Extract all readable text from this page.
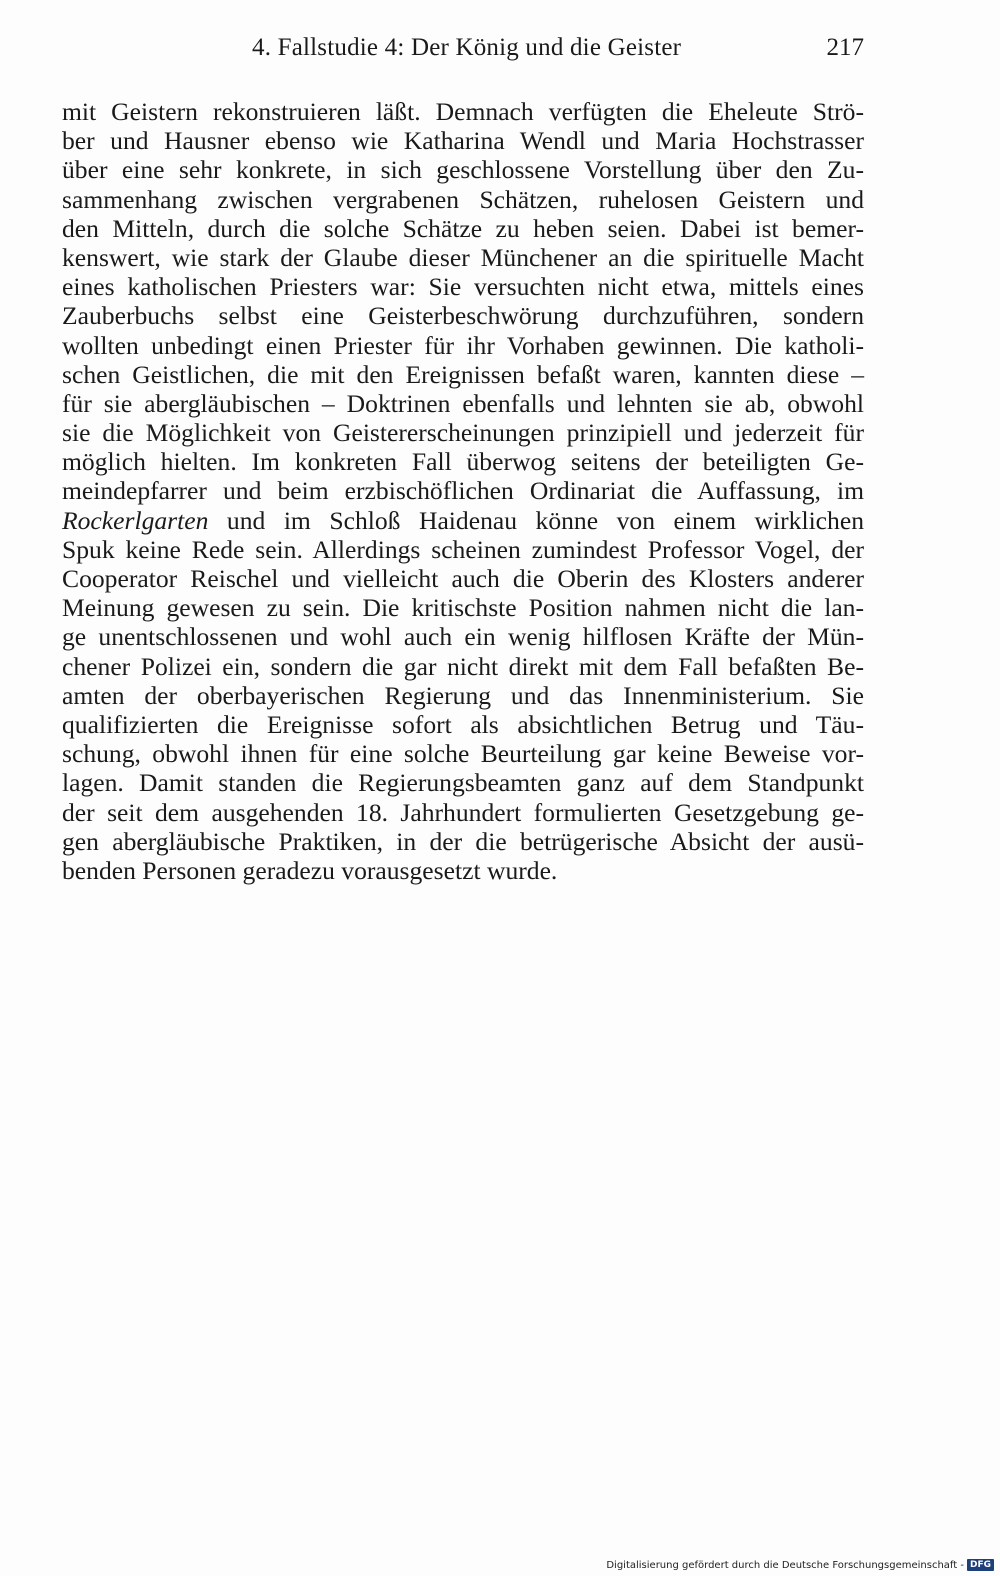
4. Fallstudie 4: Der König und die Geister	217
mit Geistern rekonstruieren läßt. Demnach verfügten die Eheleute Strö-
ber und Hausner ebenso wie Katharina Wendl und Maria Hochstrasser
über eine sehr konkrete, in sich geschlossene Vorstellung über den Zu-
sammenhang zwischen vergrabenen Schätzen, ruhelosen Geistern und
den Mitteln, durch die solche Schätze zu heben seien. Dabei ist bemer-
kenswert, wie stark der Glaube dieser Münchener an die spirituelle Macht
eines katholischen Priesters war: Sie versuchten nicht etwa, mittels eines
Zauberbuchs selbst eine Geisterbeschwörung durchzuführen, sondern
wollten unbedingt einen Priester für ihr Vorhaben gewinnen. Die katholi-
schen Geistlichen, die mit den Ereignissen befaßt waren, kannten diese –
für sie abergläubischen – Doktrinen ebenfalls und lehnten sie ab, obwohl
sie die Möglichkeit von Geistererscheinungen prinzipiell und jederzeit für
möglich hielten. Im konkreten Fall überwog seitens der beteiligten Ge-
meindepfarrer und beim erzbischöflichen Ordinariat die Auffassung, im
Rockerlgarten und im Schloß Haidenau könne von einem wirklichen
Spuk keine Rede sein. Allerdings scheinen zumindest Professor Vogel, der
Cooperator Reischel und vielleicht auch die Oberin des Klosters anderer
Meinung gewesen zu sein. Die kritischste Position nahmen nicht die lan-
ge unentschlossenen und wohl auch ein wenig hilflosen Kräfte der Mün-
chener Polizei ein, sondern die gar nicht direkt mit dem Fall befaßten Be-
amten der oberbayerischen Regierung und das Innenministerium. Sie
qualifizierten die Ereignisse sofort als absichtlichen Betrug und Täu-
schung, obwohl ihnen für eine solche Beurteilung gar keine Beweise vor-
lagen. Damit standen die Regierungsbeamten ganz auf dem Standpunkt
der seit dem ausgehenden 18. Jahrhundert formulierten Gesetzgebung ge-
gen abergläubische Praktiken, in der die betrügerische Absicht der ausü-
benden Personen geradezu vorausgesetzt wurde.
Digitalisierung gefördert durch die Deutsche Forschungsgemeinschaft - DFG
